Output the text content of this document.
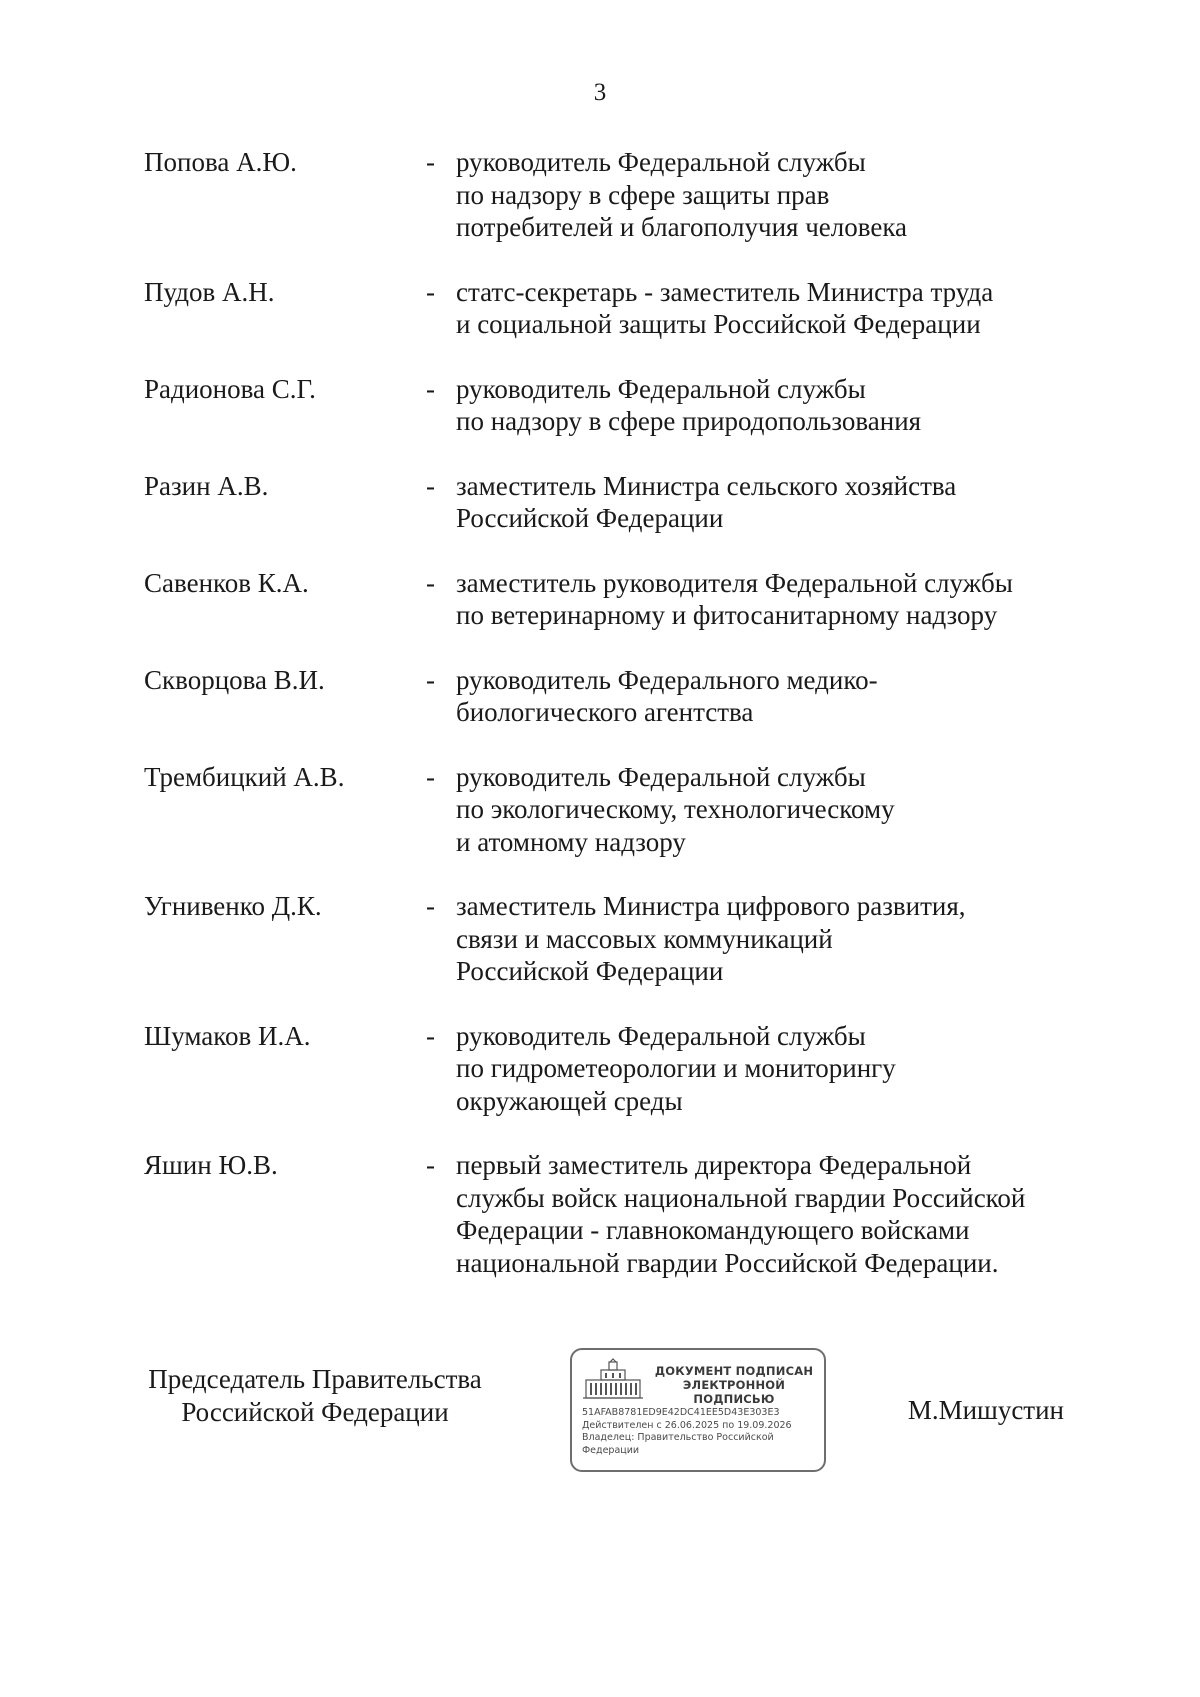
3
Попова А.Ю.	- руководитель Федеральной службы
по надзору в сфере защиты прав
потребителей и благополучия человека
Пудов А.Н.	- статс-секретарь - заместитель Министра труда
и социальной защиты Российской Федерации
Радионова С.Г.	- руководитель Федеральной службы
по надзору в сфере природопользования
Разин А.В.	- заместитель Министра сельского хозяйства
Российской Федерации
Савенков К.А.	- заместитель руководителя Федеральной службы
по ветеринарному и фитосанитарному надзору
Скворцова В.И.	- руководитель Федерального медико-
биологического агентства
Трембицкий А.В.	- руководитель Федеральной службы
по экологическому, технологическому
и атомному надзору
Угнивенко Д.К.	- заместитель Министра цифрового развития,
связи и массовых коммуникаций
Российской Федерации
Шумаков И.А.	- руководитель Федеральной службы
по гидрометеорологии и мониторингу
окружающей среды
Яшин Ю.В.	- первый заместитель директора Федеральной
службы войск национальной гвардии Российской
Федерации - главнокомандующего войсками
национальной гвардии Российской Федерации.
Председатель Правительства
Российской Федерации
ДОКУМЕНТ ПОДПИСАН
ЭЛЕКТРОННОЙ ПОДПИСЬЮ
51AFAB8781ED9E42DC41EE5D43E303E3
Действителен с 26.06.2025 по 19.09.2026
Владелец: Правительство Российской
Федерации
М.Мишустин
